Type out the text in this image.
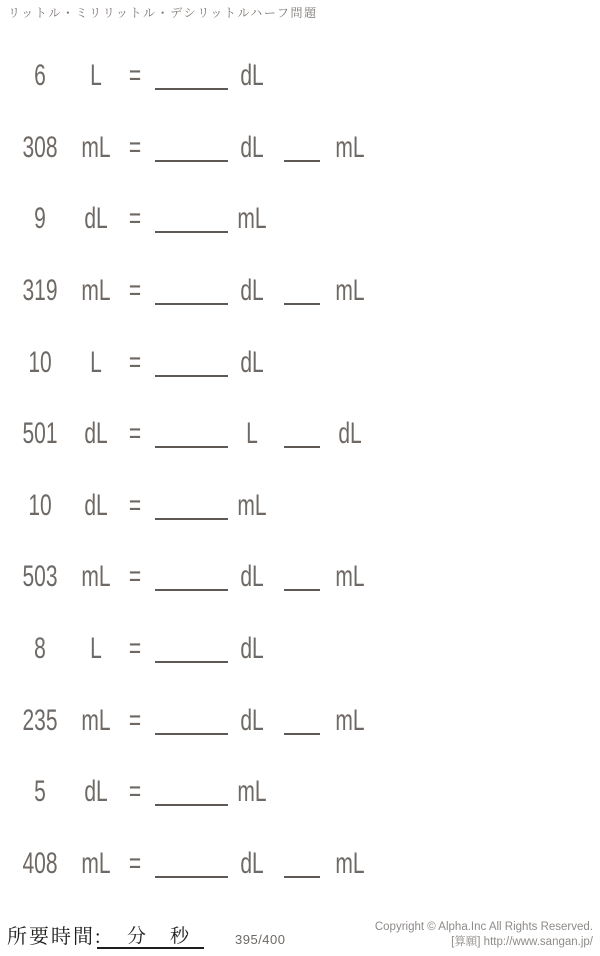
リットル・ミリリットル・デシリットルハーフ問題
6	L =	dL
308 mL =	dL mL
9	dL =	mL
319 mL =	dL mL
10	L =	dL
501 dL =	L	dL
10	dL =	mL
503 mL =	dL mL
8	L =	dL
235 mL =	dL mL
5	dL =	mL
408 mL =	dL mL
所要時間: 分 秒	395/400
Copyright © Alpha.Inc All Rights Reserved.
[算願] http://www.sangan.jp/
